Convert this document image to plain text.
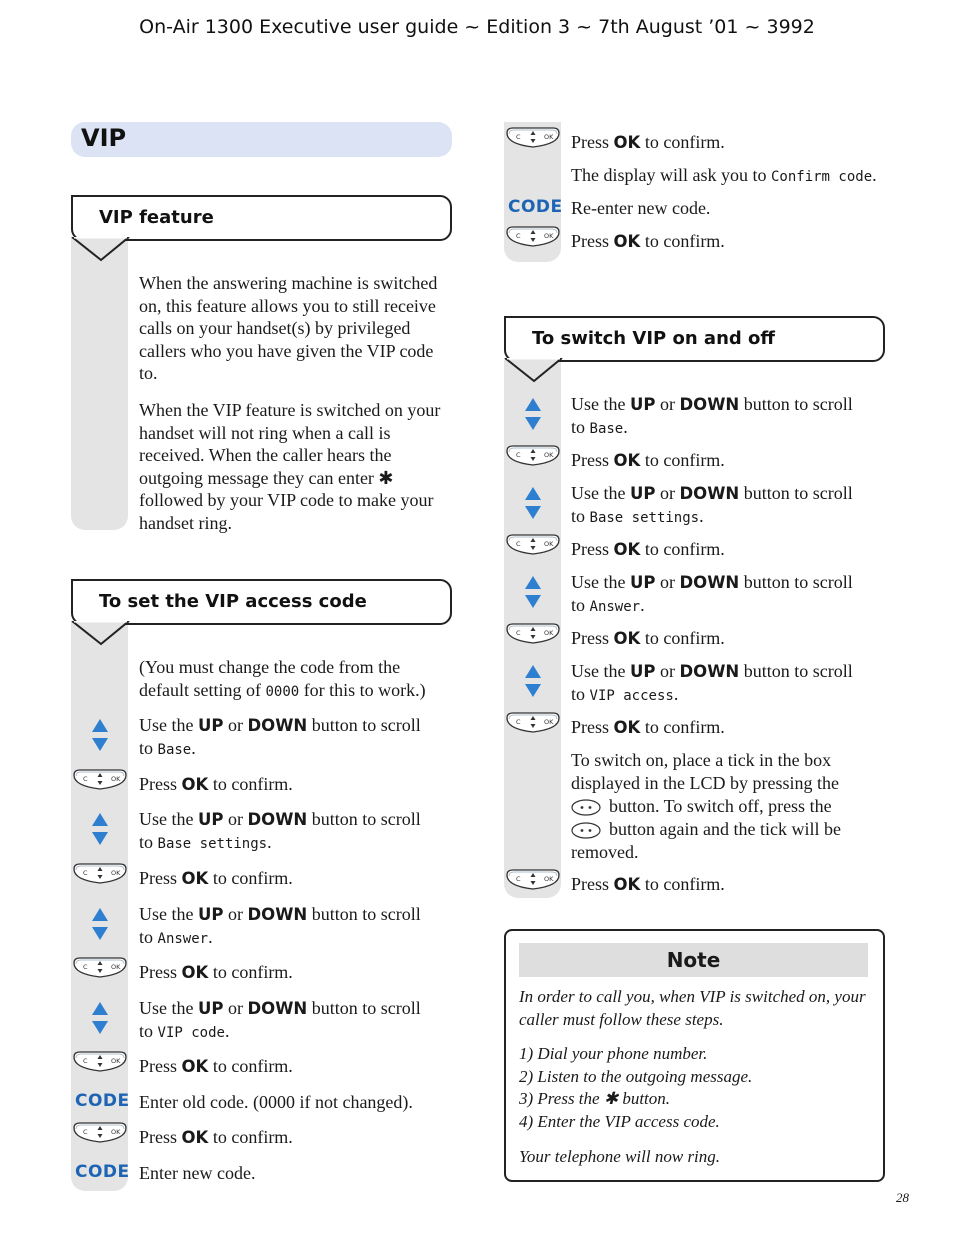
On-Air 1300 Executive user guide ~ Edition 3 ~ 7th August ’01 ~ 3992
VIP
VIP feature
When the answering machine is switched on, this feature allows you to still receive calls on your handset(s) by privileged callers who you have given the VIP code to.
When the VIP feature is switched on your handset will not ring when a call is received. When the caller hears the outgoing message they can enter ✱ followed by your VIP code to make your handset ring.
To set the VIP access code
(You must change the code from the default setting of 0000 for this to work.)
Use the UP or DOWN button to scroll
to Base.
Press OK to confirm.
C	OK
Use the UP or DOWN button to scroll
to Base settings.
Press OK to confirm.
C	OK
Use the UP or DOWN button to scroll
to Answer.
Press OK to confirm.
C	OK
Use the UP or DOWN button to scroll
to VIP code.
Press OK to confirm.
C	OK
Enter old code. (0000 if not changed).
CODE
Press OK to confirm.
C	OK
Enter new code.
CODE
Press OK to confirm.
C	OK
The display will ask you to Confirm code.
Re-enter new code.
CODE
Press OK to confirm.
C	OK
To switch VIP on and off
Use the UP or DOWN button to scroll
to Base.
Press OK to confirm.
C	OK
Use the UP or DOWN button to scroll
to Base settings.
Press OK to confirm.
C	OK
Use the UP or DOWN button to scroll
to Answer.
Press OK to confirm.
C	OK
Use the UP or DOWN button to scroll
to VIP access.
Press OK to confirm.
C	OK
Press OK to confirm.
C	OK
To switch on, place a tick in the box
displayed in the LCD by pressing the
button. To switch off, press the
button again and the tick will be
removed.
Note
In order to call you, when VIP is switched on, your caller must follow these steps.
1) Dial your phone number.
2) Listen to the outgoing message.
3) Press the ✱ button.
4) Enter the VIP access code.
Your telephone will now ring.
28
